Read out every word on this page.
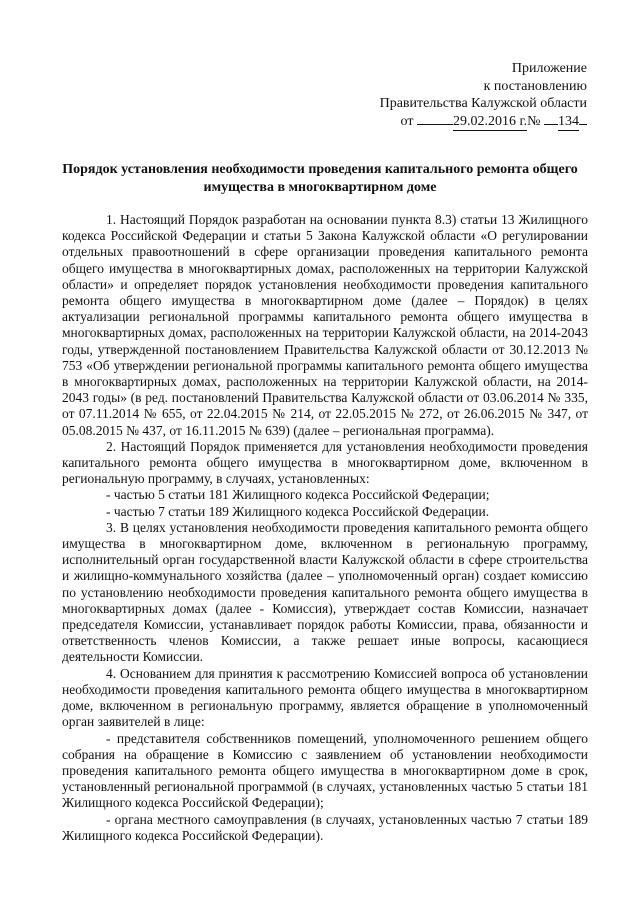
Приложение
к постановлению
Правительства Калужской области
от	29.02.2016 г.№ 134
Порядок установления необходимости проведения капитального ремонта общего имущества в многоквартирном доме

1. Настоящий Порядок разработан на основании пункта 8.3) статьи 13 Жилищного кодекса Российской Федерации и статьи 5 Закона Калужской области «О регулировании отдельных правоотношений в сфере организации проведения капитального ремонта общего имущества в многоквартирных домах, расположенных на территории Калужской области» и определяет порядок установления необходимости проведения капитального ремонта общего имущества в многоквартирном доме (далее – Порядок) в целях актуализации региональной программы капитального ремонта общего имущества в многоквартирных домах, расположенных на территории Калужской области, на 2014-2043 годы, утвержденной постановлением Правительства Калужской области от 30.12.2013 № 753 «Об утверждении региональной программы капитального ремонта общего имущества в многоквартирных домах, расположенных на территории Калужской области, на 2014-2043 годы» (в ред. постановлений Правительства Калужской области от 03.06.2014 № 335, от 07.11.2014 № 655, от 22.04.2015 № 214, от 22.05.2015 № 272, от 26.06.2015 № 347, от 05.08.2015 № 437, от 16.11.2015 № 639) (далее – региональная программа).

2. Настоящий Порядок применяется для установления необходимости проведения капитального ремонта общего имущества в многоквартирном доме, включенном в региональную программу, в случаях, установленных:

- частью 5 статьи 181 Жилищного кодекса Российской Федерации;

- частью 7 статьи 189 Жилищного кодекса Российской Федерации.

3. В целях установления необходимости проведения капитального ремонта общего имущества в многоквартирном доме, включенном в региональную программу, исполнительный орган государственной власти Калужской области в сфере строительства и жилищно-коммунального хозяйства (далее – уполномоченный орган) создает комиссию по установлению необходимости проведения капитального ремонта общего имущества в многоквартирных домах (далее - Комиссия), утверждает состав Комиссии, назначает председателя Комиссии, устанавливает порядок работы Комиссии, права, обязанности и ответственность членов Комиссии, а также решает иные вопросы, касающиеся деятельности Комиссии.

4. Основанием для принятия к рассмотрению Комиссией вопроса об установлении необходимости проведения капитального ремонта общего имущества в многоквартирном доме, включенном в региональную программу, является обращение в уполномоченный орган заявителей в лице:

- представителя собственников помещений, уполномоченного решением общего собрания на обращение в Комиссию с заявлением об установлении необходимости проведения капитального ремонта общего имущества в многоквартирном доме в срок, установленный региональной программой (в случаях, установленных частью 5 статьи 181 Жилищного кодекса Российской Федерации);

- органа местного самоуправления (в случаях, установленных частью 7 статьи 189 Жилищного кодекса Российской Федерации).
